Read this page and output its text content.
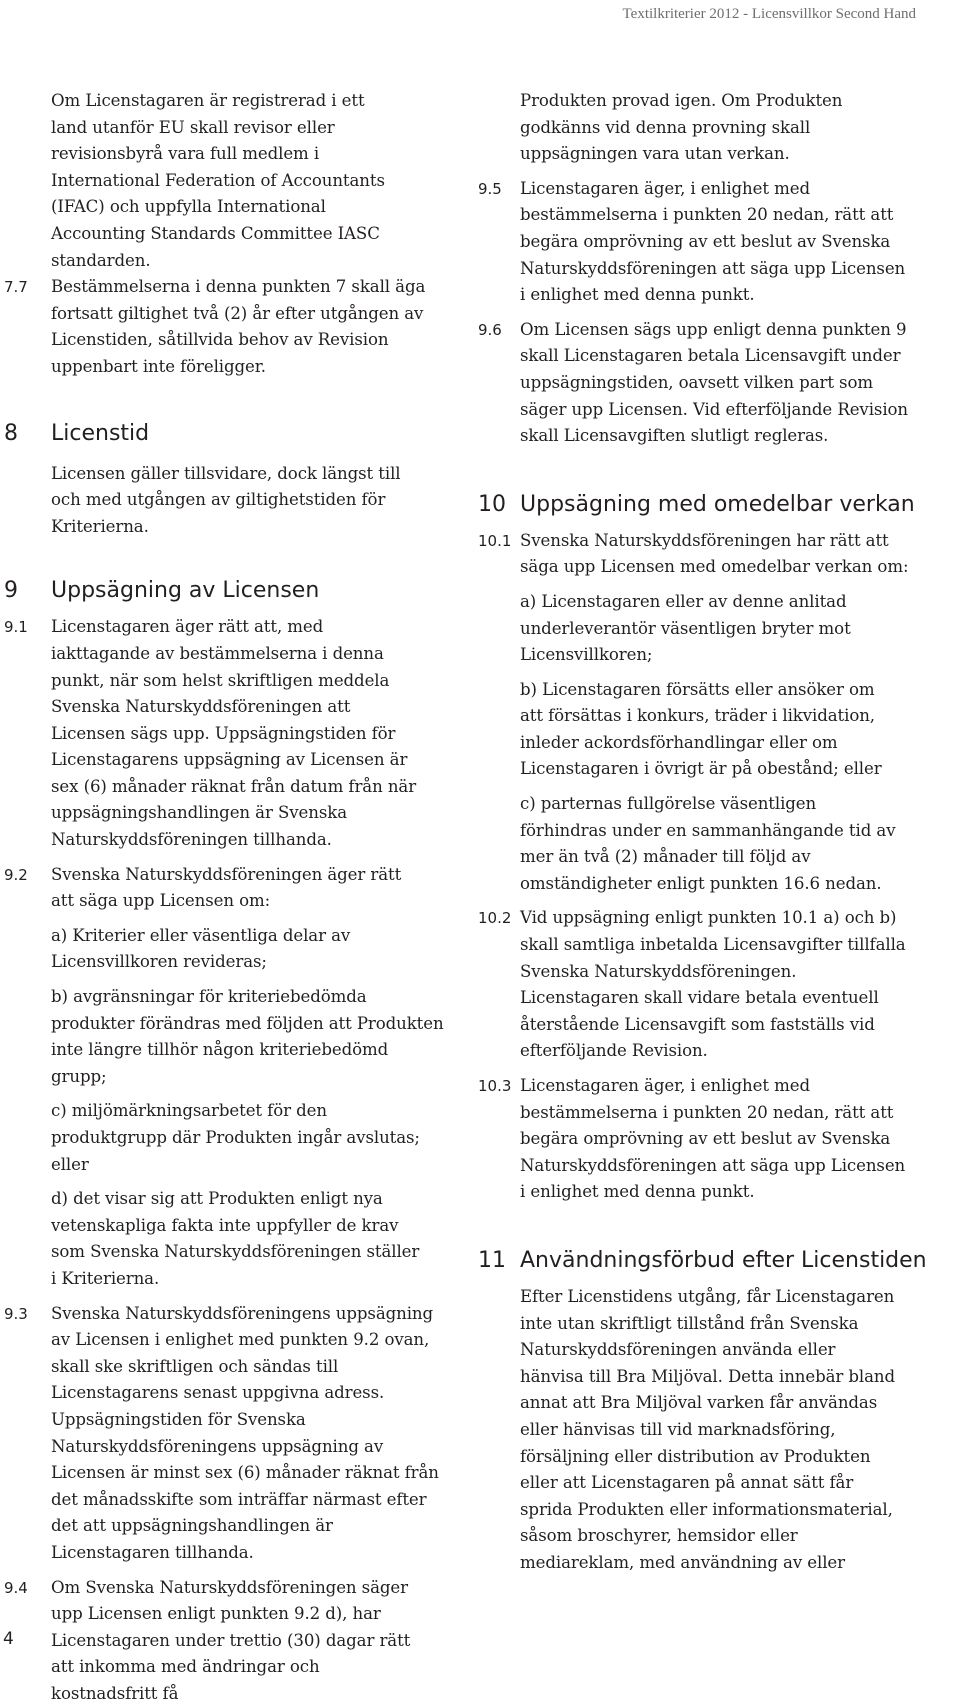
Textilkriterier 2012 - Licensvillkor Second Hand

Om Licenstagaren är registrerad i ett land utanför EU skall revisor eller revisionsbyrå vara full medlem i International Federation of Accountants (IFAC) och uppfylla International Accounting Standards Committee IASC standarden.

7.7 Bestämmelserna i denna punkten 7 skall äga fortsatt giltighet två (2) år efter utgången av Licenstiden, såtillvida behov av Revision uppenbart inte föreligger.
8 Licenstid

Licensen gäller tillsvidare, dock längst till och med utgången av giltighetstiden för Kriterierna.

9 Uppsägning av Licensen
9.1 Licenstagaren äger rätt att, med iakttagande av bestämmelserna i denna punkt, när som helst skriftligen meddela Svenska Naturskyddsföreningen att Licensen sägs upp. Uppsägningstiden för Licenstagarens uppsägning av Licensen är sex (6) månader räknat från datum från när uppsägningshandlingen är Svenska Naturskyddsföreningen tillhanda.
9.2 Svenska Naturskyddsföreningen äger rätt att säga upp Licensen om:

a) Kriterier eller väsentliga delar av Licensvillkoren revideras;

b) avgränsningar för kriteriebedömda produkter förändras med följden att Produkten inte längre tillhör någon kriteriebedömd grupp;

c) miljömärkningsarbetet för den produktgrupp där Produkten ingår avslutas; eller

d) det visar sig att Produkten enligt nya vetenskapliga fakta inte uppfyller de krav som Svenska Naturskyddsföreningen ställer i Kriterierna.

9.3 Svenska Naturskyddsföreningens uppsägning av Licensen i enlighet med punkten 9.2 ovan, skall ske skriftligen och sändas till Licenstagarens senast uppgivna adress. Uppsägningstiden för Svenska Naturskyddsföreningens uppsägning av Licensen är minst sex (6) månader räknat från det månadsskifte som inträffar närmast efter det att uppsägningshandlingen är Licenstagaren tillhanda.
9.4 Om Svenska Naturskyddsföreningen säger upp Licensen enligt punkten 9.2 d), har Licenstagaren under trettio (30) dagar rätt att inkomma med ändringar och kostnadsfritt få

Produkten provad igen. Om Produkten godkänns vid denna provning skall uppsägningen vara utan verkan.

9.5 Licenstagaren äger, i enlighet med bestämmelserna i punkten 20 nedan, rätt att begära omprövning av ett beslut av Svenska Naturskyddsföreningen att säga upp Licensen i enlighet med denna punkt.
9.6 Om Licensen sägs upp enligt denna punkten 9 skall Licenstagaren betala Licensavgift under uppsägningstiden, oavsett vilken part som säger upp Licensen. Vid efterföljande Revision skall Licensavgiften slutligt regleras.
10 Uppsägning med omedelbar verkan
10.1 Svenska Naturskyddsföreningen har rätt att säga upp Licensen med omedelbar verkan om:

a) Licenstagaren eller av denne anlitad underleverantör väsentligen bryter mot Licensvillkoren;

b) Licenstagaren försätts eller ansöker om att försättas i konkurs, träder i likvidation, inleder ackordsförhandlingar eller om Licenstagaren i övrigt är på obestånd; eller

c) parternas fullgörelse väsentligen förhindras under en sammanhängande tid av mer än två (2) månader till följd av omständigheter enligt punkten 16.6 nedan.

10.2 Vid uppsägning enligt punkten 10.1 a) och b) skall samtliga inbetalda Licensavgifter tillfalla Svenska Naturskyddsföreningen. Licenstagaren skall vidare betala eventuell återstående Licensavgift som fastställs vid efterföljande Revision.
10.3 Licenstagaren äger, i enlighet med bestämmelserna i punkten 20 nedan, rätt att begära omprövning av ett beslut av Svenska Naturskyddsföreningen att säga upp Licensen i enlighet med denna punkt.
11 Användningsförbud efter Licenstiden

Efter Licenstidens utgång, får Licenstagaren inte utan skriftligt tillstånd från Svenska Naturskyddsföreningen använda eller hänvisa till Bra Miljöval. Detta innebär bland annat att Bra Miljöval varken får användas eller hänvisas till vid marknadsföring, försäljning eller distribution av Produkten eller att Licenstagaren på annat sätt får sprida Produkten eller informationsmaterial, såsom broschyrer, hemsidor eller mediareklam, med användning av eller

4
